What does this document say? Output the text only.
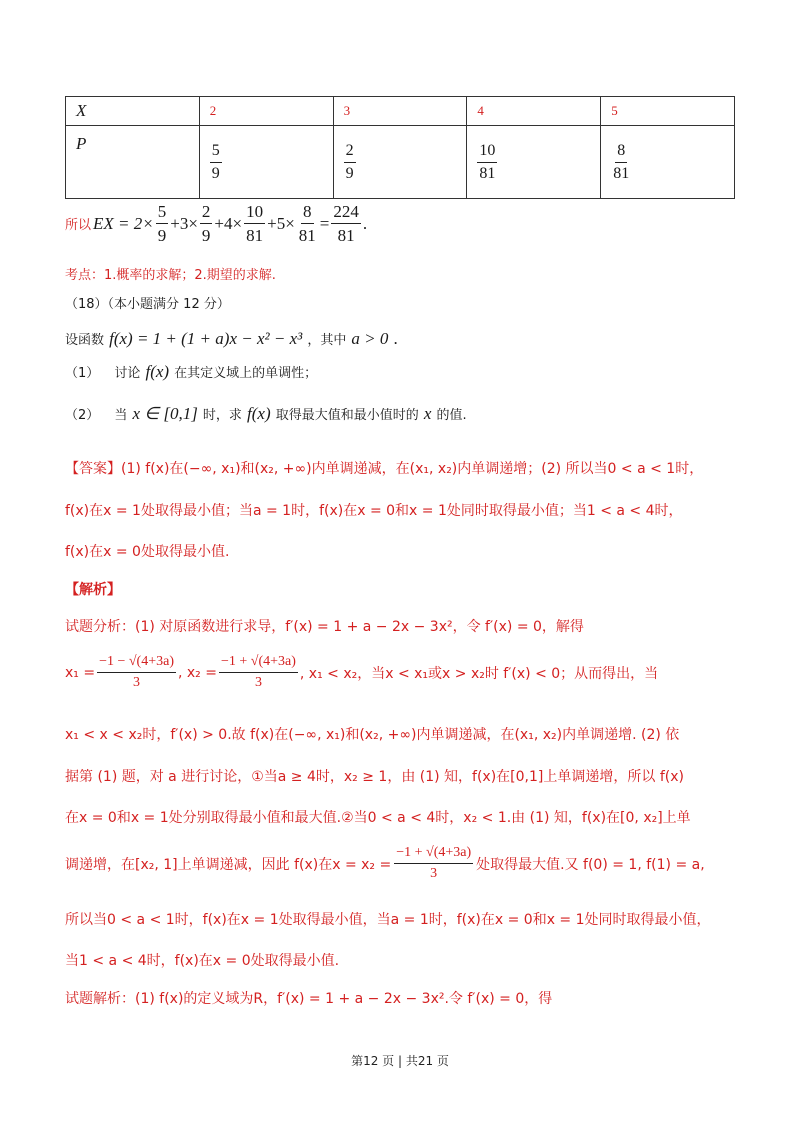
X	2	3	4	5
P	$\frac{5}{9}$	$\frac{2}{9}$	$\frac{10}{81}$	$\frac{8}{81}$
所以 EX = $2\times \frac{5}{9} +3\times \frac{2}{9} +4\times \frac{10}{81} +5\times \frac{8}{81} = \frac{224}{81}$ .
考点：1.概率的求解；2.期望的求解.
（18）（本小题满分 12 分）
设函数 f(x) = 1 + (1 + a)x − x² − x³ ，其中 a > 0 .
（1） 讨论 f(x) 在其定义域上的单调性；
（2） 当 x ∈ [0,1] 时，求 f(x) 取得最大值和最小值时的 x 的值.
【答案】(1) f(x)在(−∞, x₁)和(x₂, +∞)内单调递减，在(x₁, x₂)内单调递增；(2) 所以当0 < a < 1时，
f(x)在x = 1处取得最小值；当a = 1时，f(x)在x = 0和x = 1处同时取得最小值；当1 < a < 4时，
f(x)在x = 0处取得最小值.
【解析】
试题分析：(1) 对原函数进行求导，f′(x) = 1 + a − 2x − 3x²，令 f′(x) = 0，解得
$x_1 = \frac{-1 - √(4+3a)}{3}$ , $x_2 = \frac{-1 + √(4+3a)}{3}$ , x₁ < x₂，当x < x₁或x > x₂时 f′(x) < 0；从而得出，当
x₁ < x < x₂时，f′(x) > 0.故 f(x)在(−∞, x₁)和(x₂, +∞)内单调递减，在(x₁, x₂)内单调递增. (2) 依
据第 (1) 题，对 a 进行讨论，①当a ≥ 4时，x₂ ≥ 1，由 (1) 知，f(x)在[0,1]上单调递增，所以 f(x)
在x = 0和x = 1处分别取得最小值和最大值.②当0 < a < 4时，x₂ < 1.由 (1) 知，f(x)在[0, x₂]上单
调递增，在[x₂, 1]上单调递减，因此 f(x)在$x = x_2 = \frac{-1 + √(4+3a)}{3}$ 处取得最大值.又 f(0) = 1, f(1) = a,
所以当0 < a < 1时，f(x)在x = 1处取得最小值，当a = 1时，f(x)在x = 0和x = 1处同时取得最小值，
当1 < a < 4时，f(x)在x = 0处取得最小值.
试题解析：(1) f(x)的定义域为R，f′(x) = 1 + a − 2x − 3x².令 f′(x) = 0，得
第12 页 | 共21 页
